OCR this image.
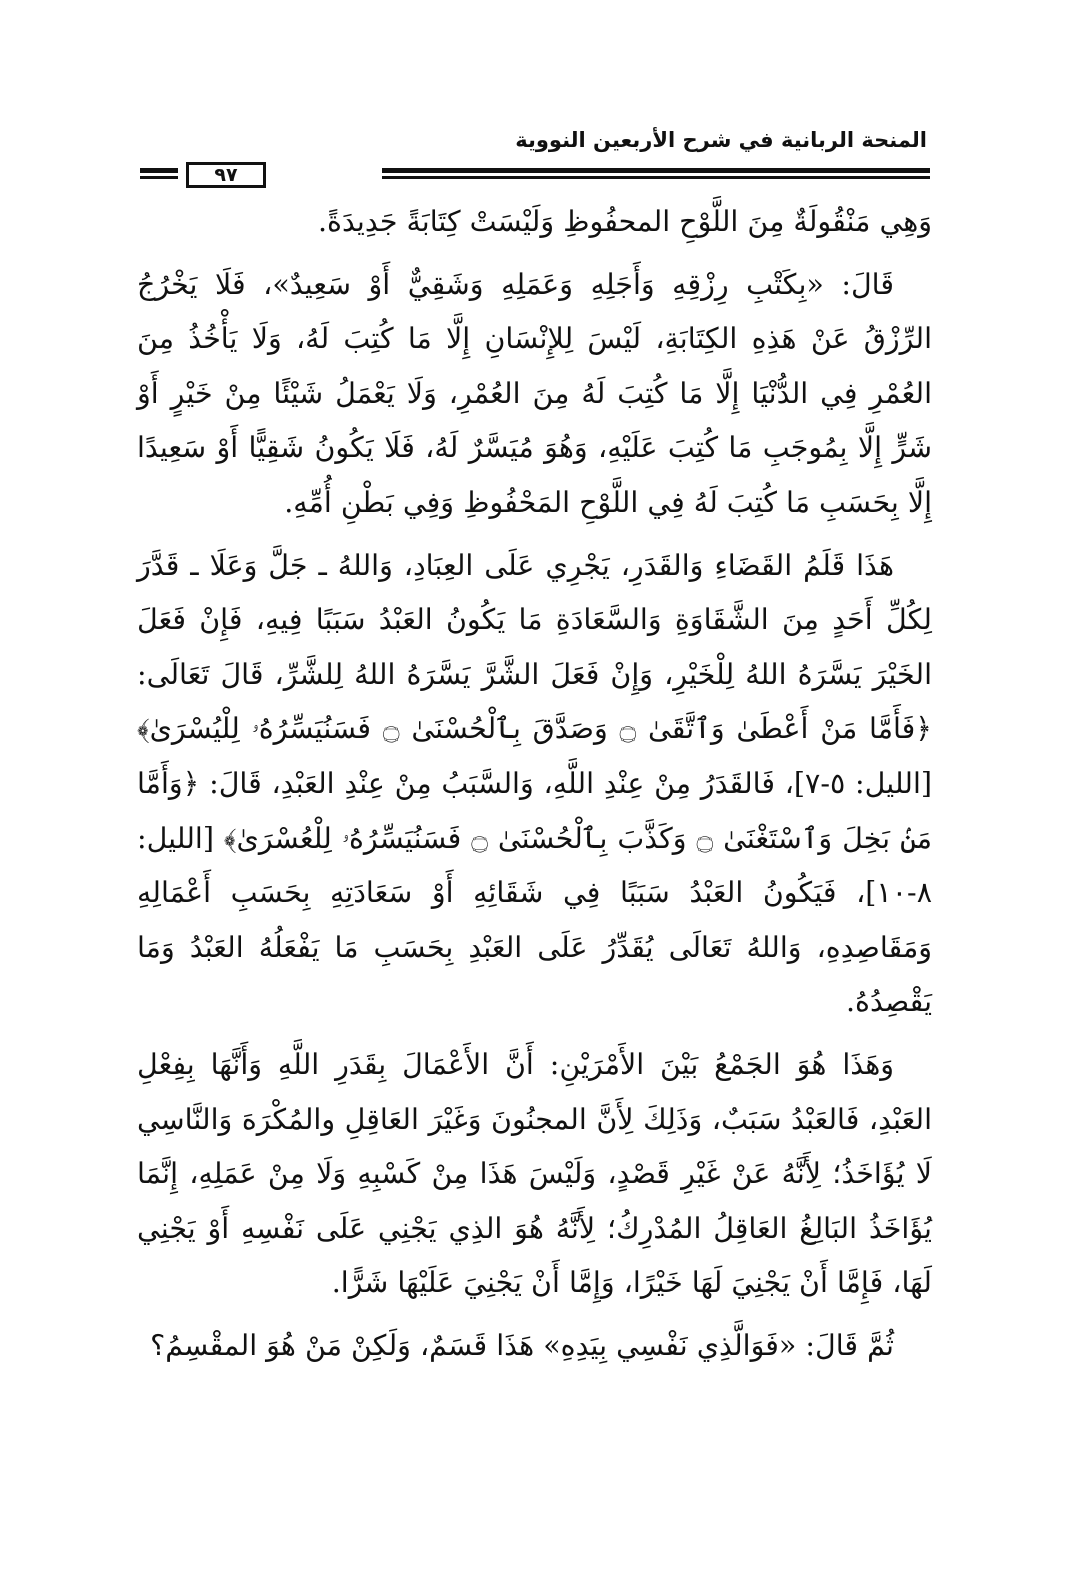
المنحة الربانية في شرح الأربعين النووية
٩٧

وَهِي مَنْقُولَةٌ مِنَ اللَّوْحِ المحفُوظِ وَلَيْسَتْ كِتَابَةً جَدِيدَةً.

قَالَ: «بِكَتْبِ رِزْقِهِ وَأَجَلِهِ وَعَمَلِهِ وَشَقِيٌّ أَوْ سَعِيدٌ»، فَلَا يَخْرُجُ الرِّزْقُ عَنْ هَذِهِ الكِتَابَةِ، لَيْسَ لِلإِنْسَانِ إِلَّا مَا كُتِبَ لَهُ، وَلَا يَأْخُذُ مِنَ العُمْرِ فِي الدُّنْيَا إِلَّا مَا كُتِبَ لَهُ مِنَ العُمْرِ، وَلَا يَعْمَلُ شَيْئًا مِنْ خَيْرٍ أَوْ شَرٍّ إِلَّا بِمُوجَبِ مَا كُتِبَ عَلَيْهِ، وَهُوَ مُيَسَّرٌ لَهُ، فَلَا يَكُونُ شَقِيًّا أَوْ سَعِيدًا إِلَّا بِحَسَبِ مَا كُتِبَ لَهُ فِي اللَّوْحِ المَحْفُوظِ وَفِي بَطْنِ أُمِّهِ.

هَذَا قَلَمُ القَضَاءِ وَالقَدَرِ، يَجْرِي عَلَى العِبَادِ، وَاللهُ ـ جَلَّ وَعَلَا ـ قَدَّرَ لِكُلِّ أَحَدٍ مِنَ الشَّقَاوَةِ وَالسَّعَادَةِ مَا يَكُونُ العَبْدُ سَبَبًا فِيهِ، فَإِنْ فَعَلَ الخَيْرَ يَسَّرَهُ اللهُ لِلْخَيْرِ، وَإِنْ فَعَلَ الشَّرَّ يَسَّرَهُ اللهُ لِلشَّرِّ، قَالَ تَعَالَى: ﴿فَأَمَّا مَنْ أَعْطَىٰ وَٱتَّقَىٰ ۝ وَصَدَّقَ بِٱلْحُسْنَىٰ ۝ فَسَنُيَسِّرُهُۥ لِلْيُسْرَىٰ﴾ [الليل: ٥-٧]، فَالقَدَرُ مِنْ عِنْدِ اللَّهِ، وَالسَّبَبُ مِنْ عِنْدِ العَبْدِ، قَالَ: ﴿وَأَمَّا مَنۢ بَخِلَ وَٱسْتَغْنَىٰ ۝ وَكَذَّبَ بِٱلْحُسْنَىٰ ۝ فَسَنُيَسِّرُهُۥ لِلْعُسْرَىٰ﴾ [الليل: ٨-١٠]، فَيَكُونُ العَبْدُ سَبَبًا فِي شَقَائِهِ أَوْ سَعَادَتِهِ بِحَسَبِ أَعْمَالِهِ وَمَقَاصِدِهِ، وَاللهُ تَعَالَى يُقَدِّرُ عَلَى العَبْدِ بِحَسَبِ مَا يَفْعَلُهُ العَبْدُ وَمَا يَقْصِدُهُ.

وَهَذَا هُوَ الجَمْعُ بَيْنَ الأَمْرَيْنِ: أَنَّ الأَعْمَالَ بِقَدَرِ اللَّهِ وَأَنَّهَا بِفِعْلِ العَبْدِ، فَالعَبْدُ سَبَبٌ، وَذَلِكَ لِأَنَّ المجنُونَ وَغَيْرَ العَاقِلِ والمُكْرَهَ وَالنَّاسِي لَا يُؤَاخَذُ؛ لِأَنَّهُ عَنْ غَيْرِ قَصْدٍ، وَلَيْسَ هَذَا مِنْ كَسْبِهِ وَلَا مِنْ عَمَلِهِ، إِنَّمَا يُؤَاخَذُ البَالِغُ العَاقِلُ المُدْرِكُ؛ لِأَنَّهُ هُوَ الذِي يَجْنِي عَلَى نَفْسِهِ أَوْ يَجْنِي لَهَا، فَإِمَّا أَنْ يَجْنِيَ لَهَا خَيْرًا، وَإِمَّا أَنْ يَجْنِيَ عَلَيْهَا شَرًّا.

ثُمَّ قَالَ: «فَوَالَّذِي نَفْسِي بِيَدِهِ» هَذَا قَسَمٌ، وَلَكِنْ مَنْ هُوَ المقْسِمُ؟
